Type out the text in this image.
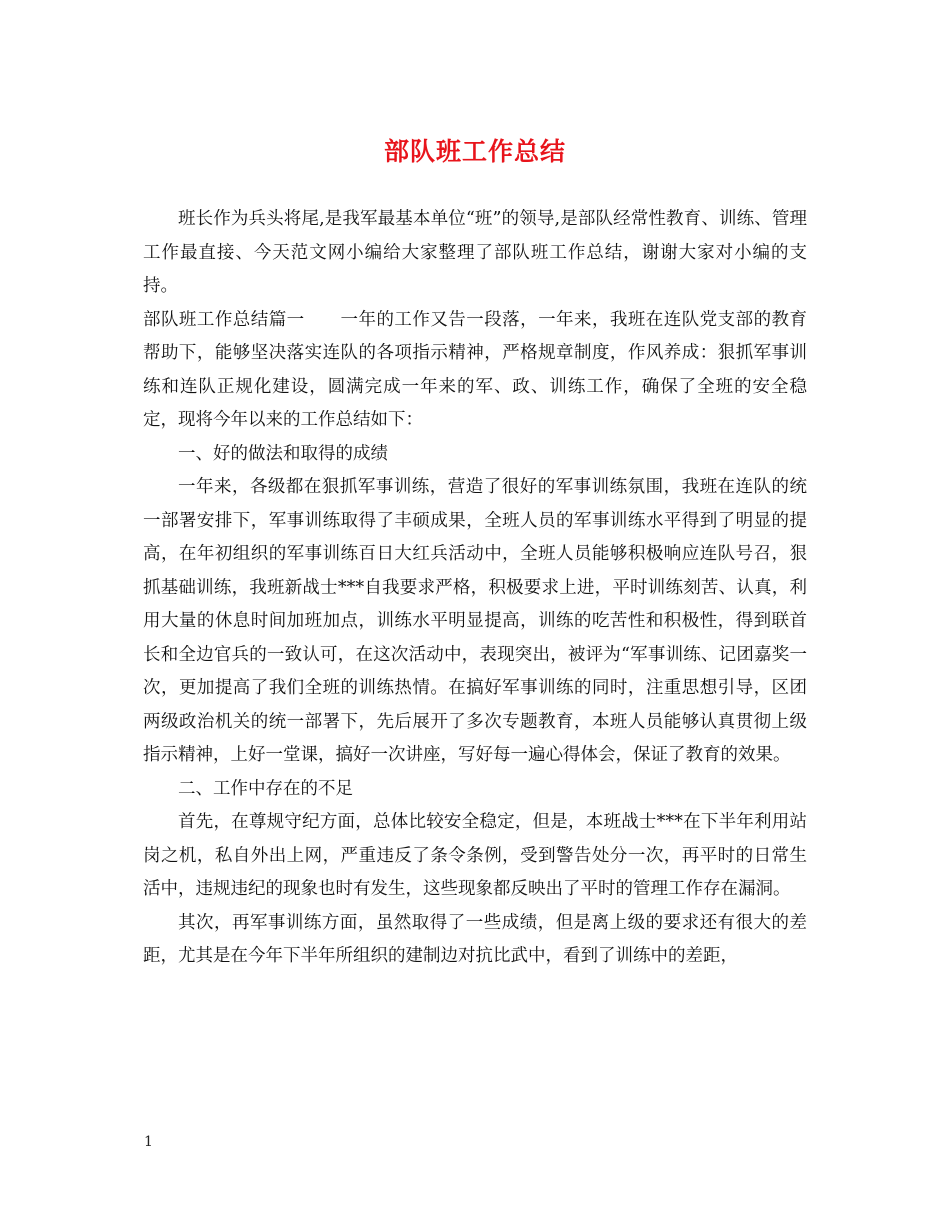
部队班工作总结

班长作为兵头将尾,是我军最基本单位“班”的领导,是部队经常性教育、训练、管理工作最直接、今天范文网小编给大家整理了部队班工作总结，谢谢大家对小编的支持。

部队班工作总结篇一　　一年的工作又告一段落，一年来，我班在连队党支部的教育帮助下，能够坚决落实连队的各项指示精神，严格规章制度，作风养成：狠抓军事训练和连队正规化建设，圆满完成一年来的军、政、训练工作，确保了全班的安全稳定，现将今年以来的工作总结如下：

一、好的做法和取得的成绩

一年来，各级都在狠抓军事训练，营造了很好的军事训练氛围，我班在连队的统一部署安排下，军事训练取得了丰硕成果，全班人员的军事训练水平得到了明显的提高，在年初组织的军事训练百日大红兵活动中，全班人员能够积极响应连队号召，狠抓基础训练，我班新战士***自我要求严格，积极要求上进，平时训练刻苦、认真，利用大量的休息时间加班加点，训练水平明显提高，训练的吃苦性和积极性，得到联首长和全边官兵的一致认可，在这次活动中，表现突出，被评为“军事训练、记团嘉奖一次，更加提高了我们全班的训练热情。在搞好军事训练的同时，注重思想引导，区团两级政治机关的统一部署下，先后展开了多次专题教育，本班人员能够认真贯彻上级指示精神，上好一堂课，搞好一次讲座，写好每一遍心得体会，保证了教育的效果。

二、工作中存在的不足

首先，在尊规守纪方面，总体比较安全稳定，但是，本班战士***在下半年利用站岗之机，私自外出上网，严重违反了条令条例，受到警告处分一次，再平时的日常生活中，违规违纪的现象也时有发生，这些现象都反映出了平时的管理工作存在漏洞。

其次，再军事训练方面，虽然取得了一些成绩，但是离上级的要求还有很大的差距，尤其是在今年下半年所组织的建制边对抗比武中，看到了训练中的差距，

1
